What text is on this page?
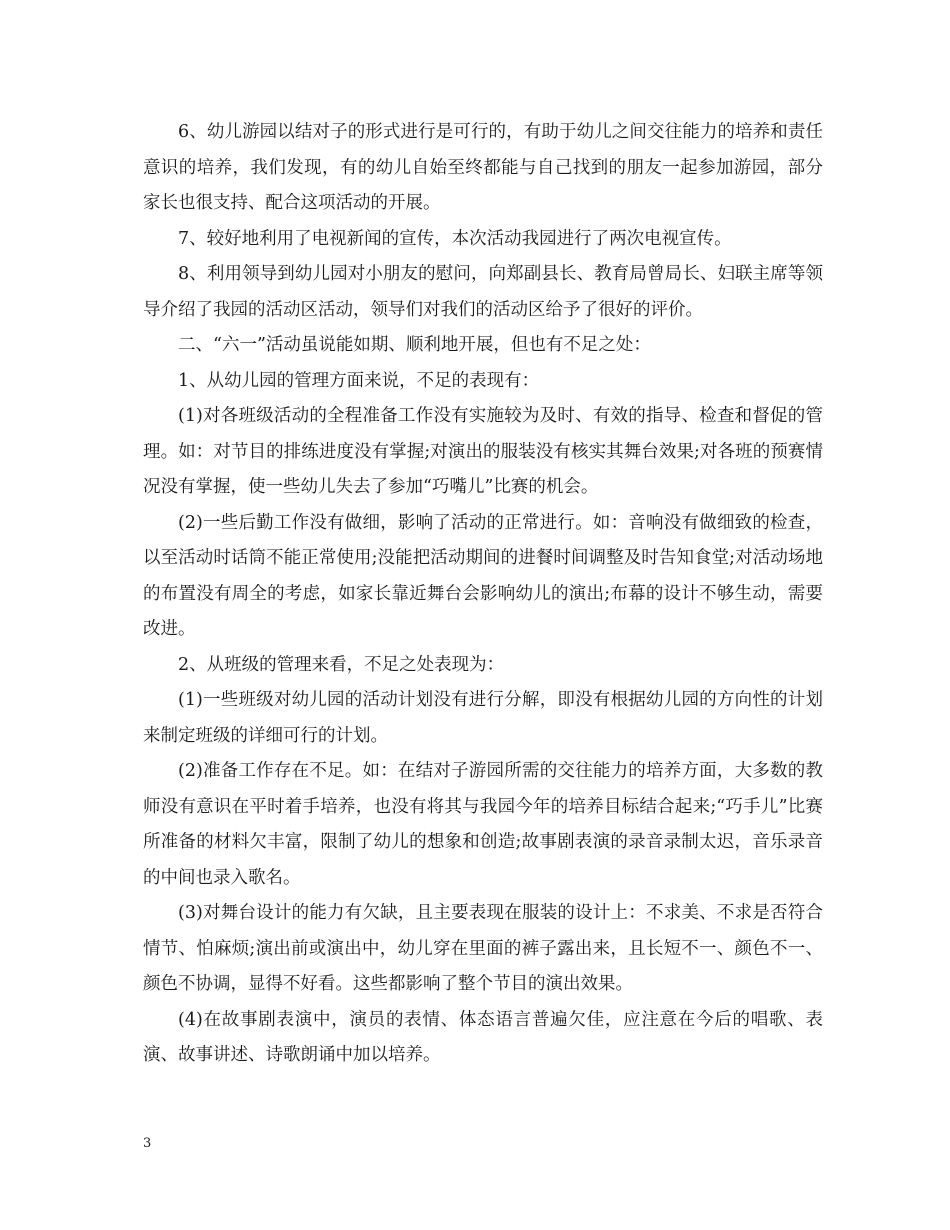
6、幼儿游园以结对子的形式进行是可行的，有助于幼儿之间交往能力的培养和责任意识的培养，我们发现，有的幼儿自始至终都能与自己找到的朋友一起参加游园，部分家长也很支持、配合这项活动的开展。

7、较好地利用了电视新闻的宣传，本次活动我园进行了两次电视宣传。

8、利用领导到幼儿园对小朋友的慰问，向郑副县长、教育局曾局长、妇联主席等领导介绍了我园的活动区活动，领导们对我们的活动区给予了很好的评价。

二、“六一”活动虽说能如期、顺利地开展，但也有不足之处：

1、从幼儿园的管理方面来说，不足的表现有：

(1)对各班级活动的全程准备工作没有实施较为及时、有效的指导、检查和督促的管理。如：对节目的排练进度没有掌握;对演出的服装没有核实其舞台效果;对各班的预赛情况没有掌握，使一些幼儿失去了参加“巧嘴儿”比赛的机会。

(2)一些后勤工作没有做细，影响了活动的正常进行。如：音响没有做细致的检查，以至活动时话筒不能正常使用;没能把活动期间的进餐时间调整及时告知食堂;对活动场地的布置没有周全的考虑，如家长靠近舞台会影响幼儿的演出;布幕的设计不够生动，需要改进。

2、从班级的管理来看，不足之处表现为：

(1)一些班级对幼儿园的活动计划没有进行分解，即没有根据幼儿园的方向性的计划来制定班级的详细可行的计划。

(2)准备工作存在不足。如：在结对子游园所需的交往能力的培养方面，大多数的教师没有意识在平时着手培养，也没有将其与我园今年的培养目标结合起来;“巧手儿”比赛所准备的材料欠丰富，限制了幼儿的想象和创造;故事剧表演的录音录制太迟，音乐录音的中间也录入歌名。

(3)对舞台设计的能力有欠缺，且主要表现在服装的设计上：不求美、不求是否符合情节、怕麻烦;演出前或演出中，幼儿穿在里面的裤子露出来，且长短不一、颜色不一、颜色不协调，显得不好看。这些都影响了整个节目的演出效果。

(4)在故事剧表演中，演员的表情、体态语言普遍欠佳，应注意在今后的唱歌、表演、故事讲述、诗歌朗诵中加以培养。

3
